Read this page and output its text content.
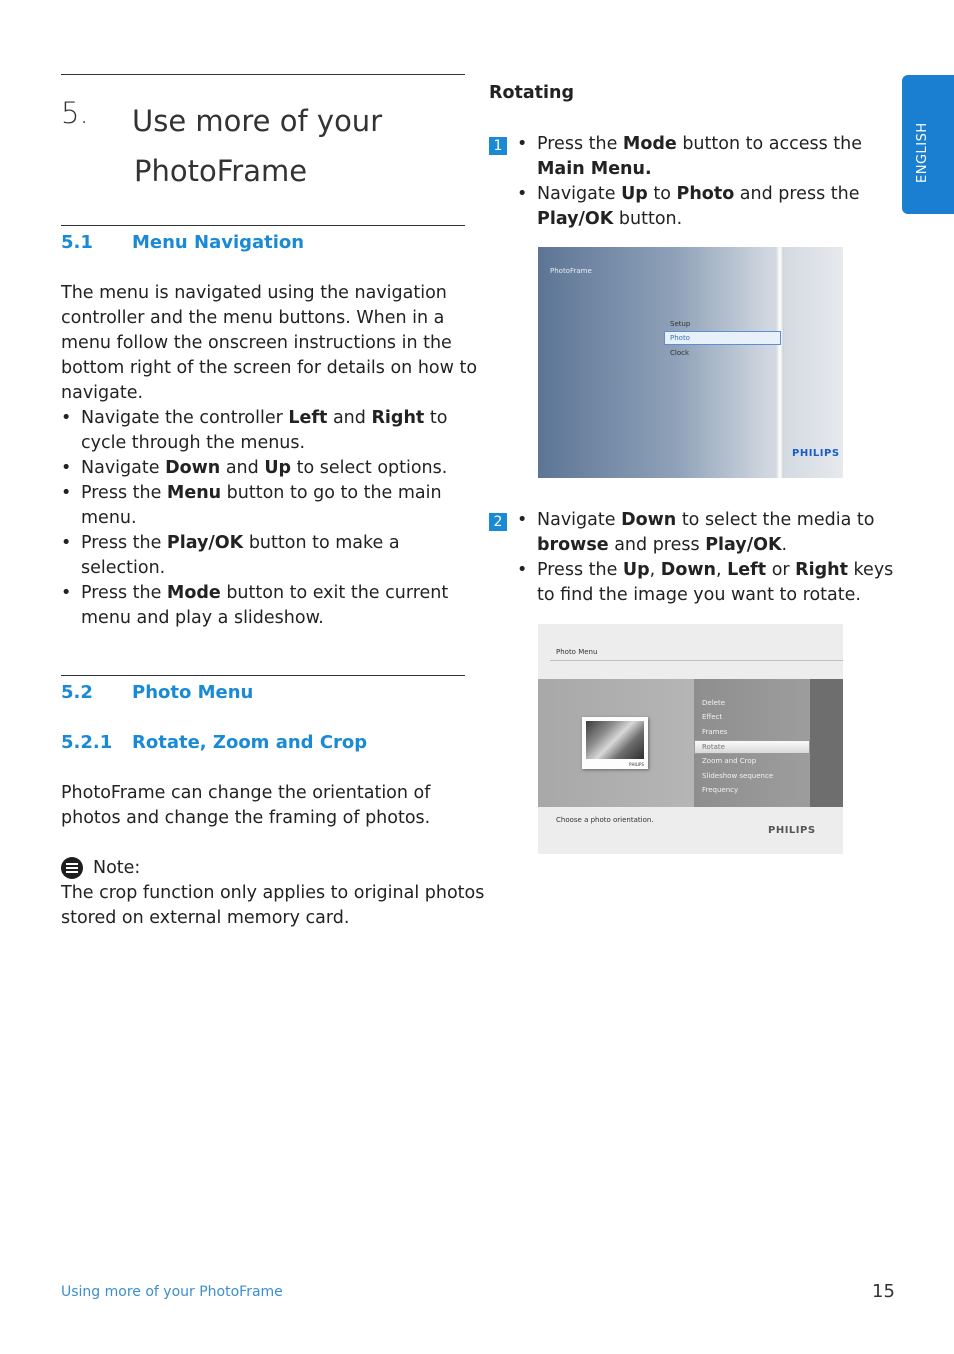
ENGLISH
5. Use more of your
PhotoFrame
5.1 Menu Navigation
The menu is navigated using the navigation
controller and the menu buttons. When in a
menu follow the onscreen instructions in the
bottom right of the screen for details on how to
navigate.
• Navigate the controller Left and Right to
cycle through the menus.
• Navigate Down and Up to select options.
• Press the Menu button to go to the main
menu.
• Press the Play/OK button to make a
selection.
• Press the Mode button to exit the current
menu and play a slideshow.
5.2 Photo Menu
5.2.1 Rotate, Zoom and Crop
PhotoFrame can change the orientation of
photos and change the framing of photos.
Note:
The crop function only applies to original photos
stored on external memory card.
Rotating
1 • Press the Mode button to access the
Main Menu.
• Navigate Up to Photo and press the
Play/OK button.
PhotoFrame
Setup
Photo
Clock
PHILIPS
2 • Navigate Down to select the media to
browse and press Play/OK.
• Press the Up, Down, Left or Right keys
to find the image you want to rotate.
Photo Menu
PHILIPS
Delete
Effect
Frames
Rotate
Zoom and Crop
Slideshow sequence
Frequency
Choose a photo orientation.
PHILIPS
Using more of your PhotoFrame	15
